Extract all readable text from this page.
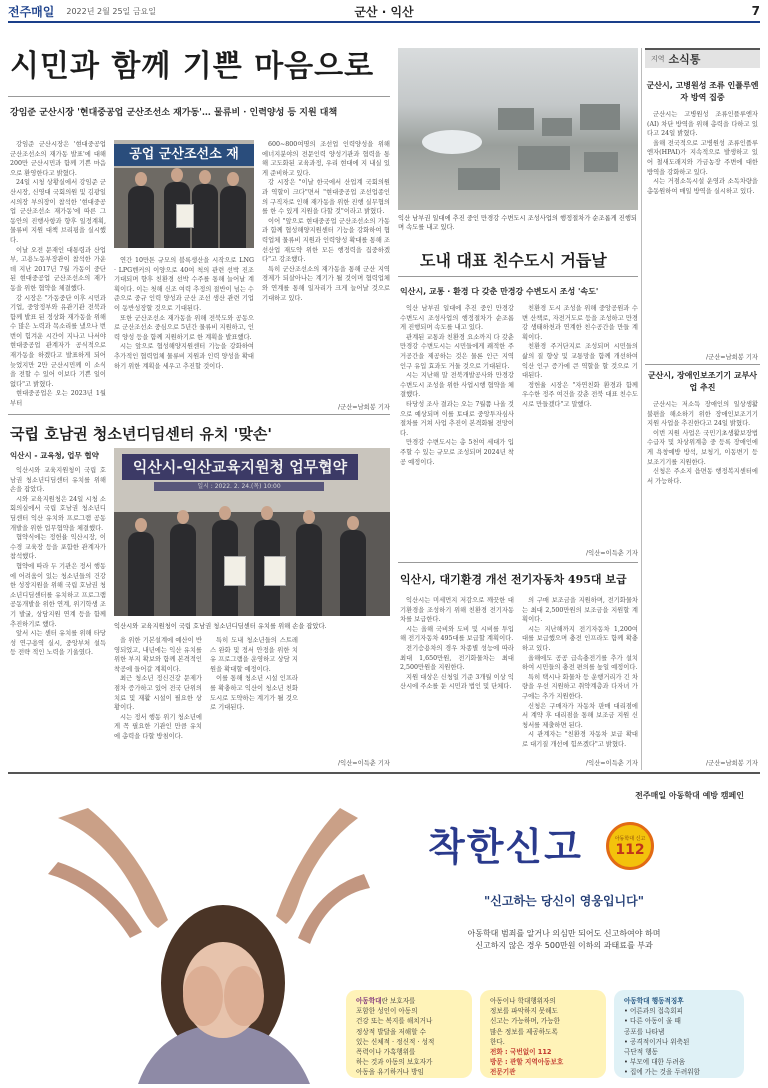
전주매일 2022년 2월 25일 금요일	군산 · 익산	7
시민과 함께 기쁜 마음으로
강임준 군산시장 '현대중공업 군산조선소 재가동'… 물류비 · 인력양성 등 지원 대책
강임준 군산시장은 '현대중공업 군산조선소의 재가동 발표'에 대해 200만 군산시민과 함께 기쁜 마음으로 환영한다고 밝혔다.
24일 시청 상황실에서 강임준 군산시장, 신영대 국회의원 및 김광일 시의장 부의장이 참석한 '현대중공업 군산조선소 재가동'에 따른 그 동안의 진행사항과 향후 일정계획, 물류비 지원 대책 브리핑을 실시했다.
이날 오전 문재인 대통령과 산업부, 고용노동부장관이 참석한 가운데 지난 2017년 7월 가동이 중단된 현대중공업 군산조선소의 재가동을 위한 협약을 체결했다.
강 시장은 "가동중단 이후 시민과 기업, 중앙정부와 유관기관 전북과 함께 발표 된 정상화 재가동을 위해 수 많은 노력과 목소리를 냈으나 번번이 힘겨운 시간이 지나고 나서야 현대중공업 관계자가 공식적으로 재가동을 하겠다고 발표하게 되어 늦었지만 2만 군산시민께 이 소식을 전할 수 있어 이보다 기쁜 일이 없다"고 밝혔다.
현대중공업은 오는 2023년 1월부터
공업 군산조선소 재
연간 10만톤 규모의 블록생산을 시작으로 LNG · LPG벤커의 이양으로 40여 척의 관련 선박 진조 기대되며 향후 친환경 선박 수주를 통해 늘어날 계획이다. 이는 첫해 신조 여력 추정의 절반이 넘는 수준으로 중규 인력 양성과 군산 조선 생산 관련 기업이 동반성장할 것으로 기대된다.
또한 군산조선소 재가동을 위해 전북도와 공동으로 군산조선소 중심으로 5년간 물류비 지원하고, 인력 양성 등을 함께 지원하기로 한 계획을 발표했다.
시는 앞으로 협성해양지원센터 기능을 강화하여 추가적인 협력업체 물류비 지원과 인력 양성을 확대하기 위한 계획을 세우고 추진할 것이다.
600~800여명의 조선업 인력양성을 위해 에너지분야의 전문인력 양성기관과 협력을 통해 고도화된 교육과정, 우리 현대에 지 내실 있게 준비하고 있다.
강 시장은 "이날 한국에서 산업계 국회의원과 역할이 크다"면서 "현대중공업 조선업종인의 구직자로 인해 재가동을 위한 진행 실무협의를 한 수 있게 지원을 다할 것"이라고 밝혔다.
이어 "앞으로 현대중공업 군산조선소의 가동과 함께 협성해양지원센터 기능을 강화하여 협력업체 물류비 지원과 인력양성 확대를 통해 조선산업 재도약 위한 모든 행정력을 집중하겠다"고 강조했다.
특히 군산조선소의 재가동을 통해 군산 지역경제가 되살아나는 계기가 될 것이며 협력업체와 연계를 통해 일자리가 크게 늘어날 것으로 기대하고 있다.
/군산=남희봉 기자
익산 남부권 일대에 추진 중인 만경강 수변도시 조성사업의 행정절차가 순조롭게 진행되며 속도를 내고 있다.
도내 대표 친수도시 거듭날
익산시, 교통 · 환경 다 갖춘 만경강 수변도시 조성 '속도'
익산 남부권 일대에 추진 중인 만경강 수변도시 조성사업의 행정절차가 순조롭게 진행되며 속도를 내고 있다.
관계된 교통과 친환경 요소까지 다 갖춘 만경강 수변도시는 시민들에게 쾌적한 주거공간을 제공하는 것은 물론 인근 지역 인구 유입 효과도 거둘 것으로 기대된다.
시는 지난해 말 전북개발공사와 만경강 수변도시 조성을 위한 사업시행 협약을 체결했다.
타당성 조사 결과는 오는 7월쯤 나올 것으로 예상되며 이를 토대로 중앙투자심사 절차를 거쳐 사업 추진이 본격화될 전망이다.
만경강 수변도시는 총 5천여 세대가 입주할 수 있는 규모로 조성되며 2024년 착공 예정이다.
친환경 도시 조성을 위해 중앙공원과 수변 산책로, 자전거도로 등을 조성하고 만경강 생태하천과 연계한 친수공간을 만들 계획이다.
친환경 주거단지로 조성되며 시민들의 삶의 질 향상 및 교통망을 함께 개선하여 익산 인구 증가에 큰 역할을 할 것으로 기대된다.
정헌율 시장은 "자연친화 환경과 함께 우수한 정주 여건을 갖춘 전북 대표 친수도시로 만들겠다"고 말했다.
/익산=이득춘 기자
국립 호남권 청소년디딤센터 유치 '맞손'
익산시 - 교육청, 업무 협약
익산시와 교육지원청이 국립 호남권 청소년디딤센터 유치를 위해 손을 잡았다.
시와 교육지원청은 24일 시청 소회의실에서 국립 호남권 청소년디딤센터 익산 유치와 프로그램 공동개발을 위한 업무협약을 체결했다.
협약식에는 정헌율 익산시장, 이수경 교육장 등을 포함한 관계자가 참석했다.
협약에 따라 두 기관은 정서 행동에 어려움이 있는 청소년들의 건강한 성장지원을 위해 국립 호남권 청소년디딤센터를 유치하고 프로그램 공동개발을 위한 연계, 위기학생 조기 발굴, 상담지원 연계 등을 함께 추진하기로 했다.
앞서 시는 센터 유치를 위해 타당성 연구용역 실시, 중앙부처 설득 등 전략 적인 노력을 기울였다.
익산시-익산교육지원청 업무협약
일시 : 2022. 2. 24.(목) 10:00
익산시와 교육지원청이 국립 호남권 청소년디딤센터 유치를 위해 손을 잡았다.
을 위한 기본설계에 예산이 반영되었고, 내년에는 익산 유치를 위한 부지 확보와 함께 본격적인 착공에 들어갈 계획이다.
최근 청소년 정신건강 문제가 점차 증가하고 있어 전국 단위의 치료 및 재활 시설이 필요한 상황이다.
시는 정서 행동 위기 청소년에게 꼭 필요한 기관인 만큼 유치에 총력을 다할 방침이다.
특히 도내 청소년들의 스트레스 완화 및 정서 안정을 위한 치유 프로그램을 운영하고 상담 지원을 확대할 예정이다.
이를 통해 청소년 시설 인프라를 확충하고 익산이 청소년 친화도시로 도약하는 계기가 될 것으로 기대된다.
/익산=이득춘 기자
익산시, 대기환경 개선 전기자동차 495대 보급
익산시는 미세먼지 저감으로 깨끗한 대기환경을 조성하기 위해 친환경 전기자동차를 보급한다.
시는 올해 국비와 도비 및 시비를 투입해 전기자동차 495대를 보급할 계획이다.
전기승용차의 경우 차종별 성능에 따라 최대 1,650만원, 전기화물차는 최대 2,500만원을 지원한다.
지원 대상은 신청일 기준 3개월 이상 익산시에 주소를 둔 시민과 법인 및 단체다.
의 구매 보조금을 지원하며, 전기화물차는 최대 2,500만원의 보조금을 지원할 계획이다.
시는 지난해까지 전기자동차 1,200여 대를 보급했으며 충전 인프라도 함께 확충하고 있다.
올해에도 공공 급속충전기를 추가 설치하여 시민들의 충전 편의를 높일 예정이다.
특히 택시나 화물차 등 운행거리가 긴 차량을 우선 지원하고 취약계층과 다자녀 가구에는 추가 지원한다.
신청은 구매자가 자동차 판매 대리점에서 계약 후 대리점을 통해 보조금 지원 신청서를 제출하면 된다.
시 관계자는 "친환경 자동차 보급 확대로 대기질 개선에 힘쓰겠다"고 밝혔다.
/익산=이득춘 기자
지역 소식통
군산시, 고병원성 조류 인플루엔자 방역 집중
군산시는 고병원성 조류인플루엔자(AI) 차단 방역을 위해 총력을 다하고 있다고 24일 밝혔다.
올해 전국적으로 고병원성 조류인플루엔자(HPAI)가 지속적으로 발생하고 있어 철새도래지와 가금농장 주변에 대한 방역을 강화하고 있다.
시는 거점소독시설 운영과 소독차량을 총동원하여 매일 방역을 실시하고 있다.
/군산=남희봉 기자
군산시, 장애인보조기기 교부사업 추진
군산시는 저소득 장애인의 일상생활 불편을 해소하기 위한 장애인보조기기 지원 사업을 추진한다고 24일 밝혔다.
이번 지원 사업은 국민기초생활보장법 수급자 및 차상위계층 중 등록 장애인에게 욕창예방 방석, 보청기, 이동변기 등 보조기기를 지원한다.
신청은 주소지 읍면동 행정복지센터에서 가능하다.
/군산=남희봉 기자
전주매일 아동학대 예방 캠페인
착한신고	아동학대 신고
112
"신고하는 당신이 영웅입니다"
아동학대 범죄를 알거나 의심만 되어도 신고하여야 하며
신고하지 않은 경우 500만원 이하의 과태료를 부과
아동학대란 보호자를
포함한 성인이 아동의
건강 또는 복지를 해치거나
정상적 발달을 저해할 수
있는 신체적 · 정신적 · 성적
폭력이나 가혹행위를
하는 것과 아동의 보호자가
아동을 유기하거나 방임
아동이나 학대행위자의
정보를 파악하지 못해도
신고는 가능하며, 가능한
많은 정보를 제공하도록
한다.
전화 : 국번없이 112
방문 : 관할 지역아동보호
전문기관
아동학대 행동적징후
• 어른과의 접촉회피
• 다른 아동이 울 때
공포를 나타냄
• 공격적이거나 위축된
극단적 행동
• 부모에 대한 두려움
• 집에 가는 것을 두려워함
